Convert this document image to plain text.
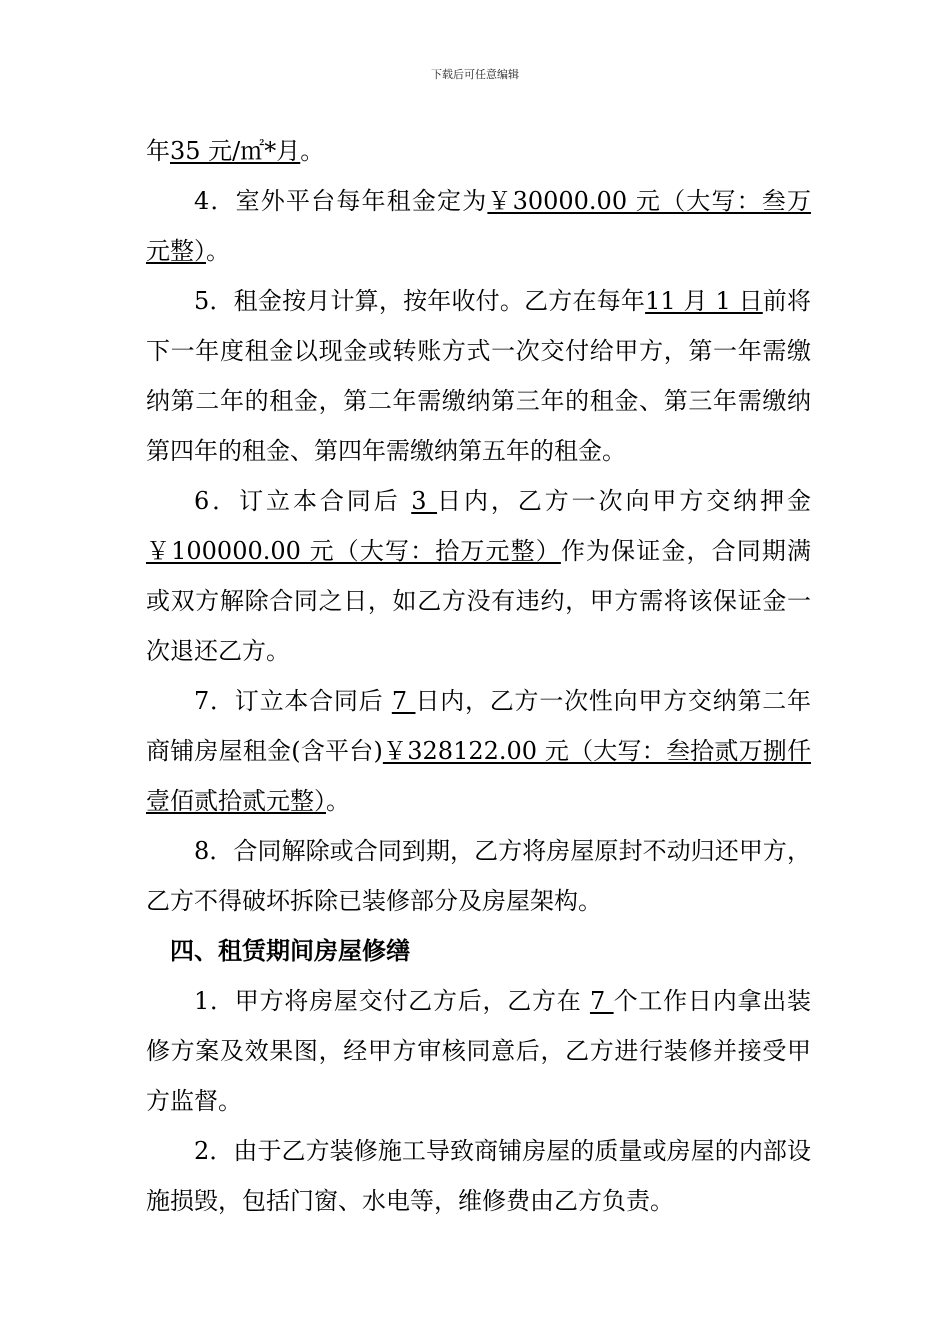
下载后可任意编辑

年35 元/㎡*月。

4．室外平台每年租金定为￥30000.00 元（大写：叁万元整）。

5．租金按月计算，按年收付。乙方在每年11 月 1 日前将下一年度租金以现金或转账方式一次交付给甲方，第一年需缴纳第二年的租金，第二年需缴纳第三年的租金、第三年需缴纳第四年的租金、第四年需缴纳第五年的租金。

6．订立本合同后 3 日内，乙方一次向甲方交纳押金￥100000.00 元（大写：拾万元整）作为保证金，合同期满或双方解除合同之日，如乙方没有违约，甲方需将该保证金一次退还乙方。

7．订立本合同后 7 日内，乙方一次性向甲方交纳第二年商铺房屋租金(含平台)￥328122.00 元（大写：叁拾贰万捌仟壹佰贰拾贰元整）。

8．合同解除或合同到期，乙方将房屋原封不动归还甲方，乙方不得破坏拆除已装修部分及房屋架构。

四、租赁期间房屋修缮

1．甲方将房屋交付乙方后，乙方在 7 个工作日内拿出装修方案及效果图，经甲方审核同意后，乙方进行装修并接受甲方监督。

2．由于乙方装修施工导致商铺房屋的质量或房屋的内部设施损毁，包括门窗、水电等，维修费由乙方负责。
